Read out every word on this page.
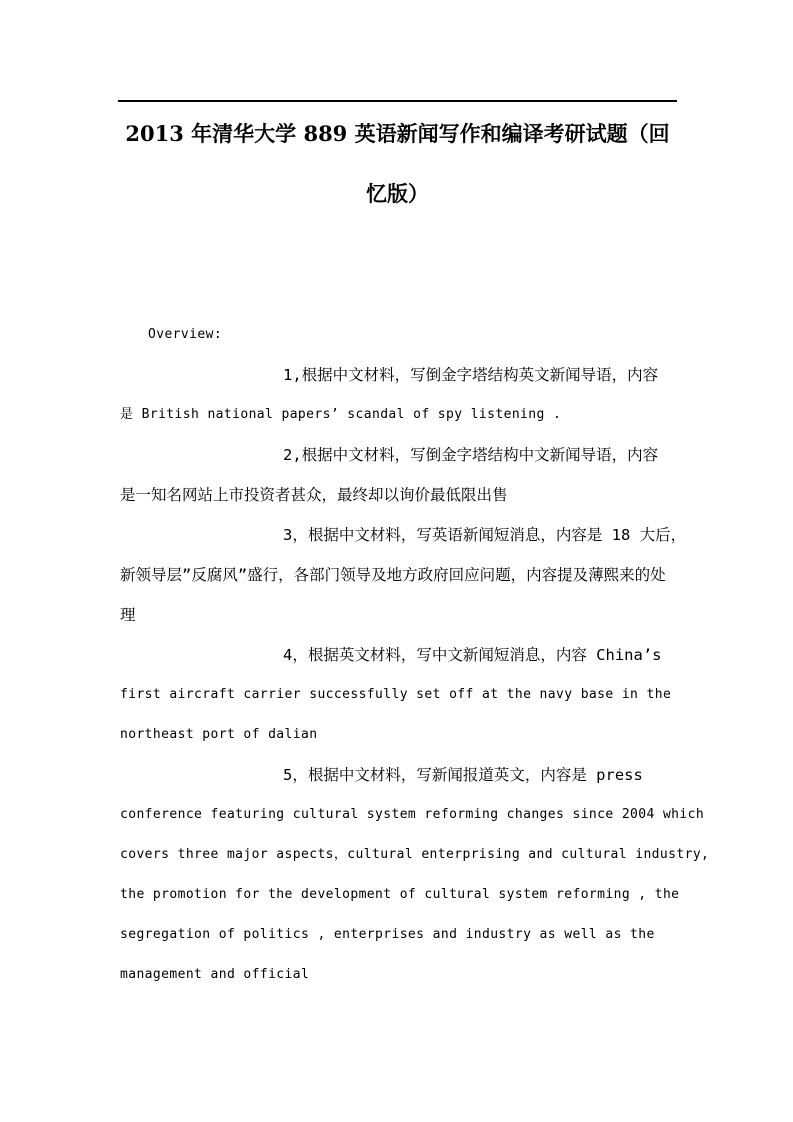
2013 年清华大学 889 英语新闻写作和编译考研试题（回
忆版）
Overview:
1,根据中文材料，写倒金字塔结构英文新闻导语，内容
是 British national papers’ scandal of spy listening .
2,根据中文材料，写倒金字塔结构中文新闻导语，内容
是一知名网站上市投资者甚众，最终却以询价最低限出售
3，根据中文材料，写英语新闻短消息，内容是 18 大后，
新领导层”反腐风”盛行，各部门领导及地方政府回应问题，内容提及薄熙来的处
理
4，根据英文材料，写中文新闻短消息，内容 China’s
first aircraft carrier successfully set off at the navy base in the
northeast port of dalian
5，根据中文材料，写新闻报道英文，内容是 press
conference featuring cultural system reforming changes since 2004 which
covers three major aspects，cultural enterprising and cultural industry,
the promotion for the development of cultural system reforming , the
segregation of politics , enterprises and industry as well as the
management and official
